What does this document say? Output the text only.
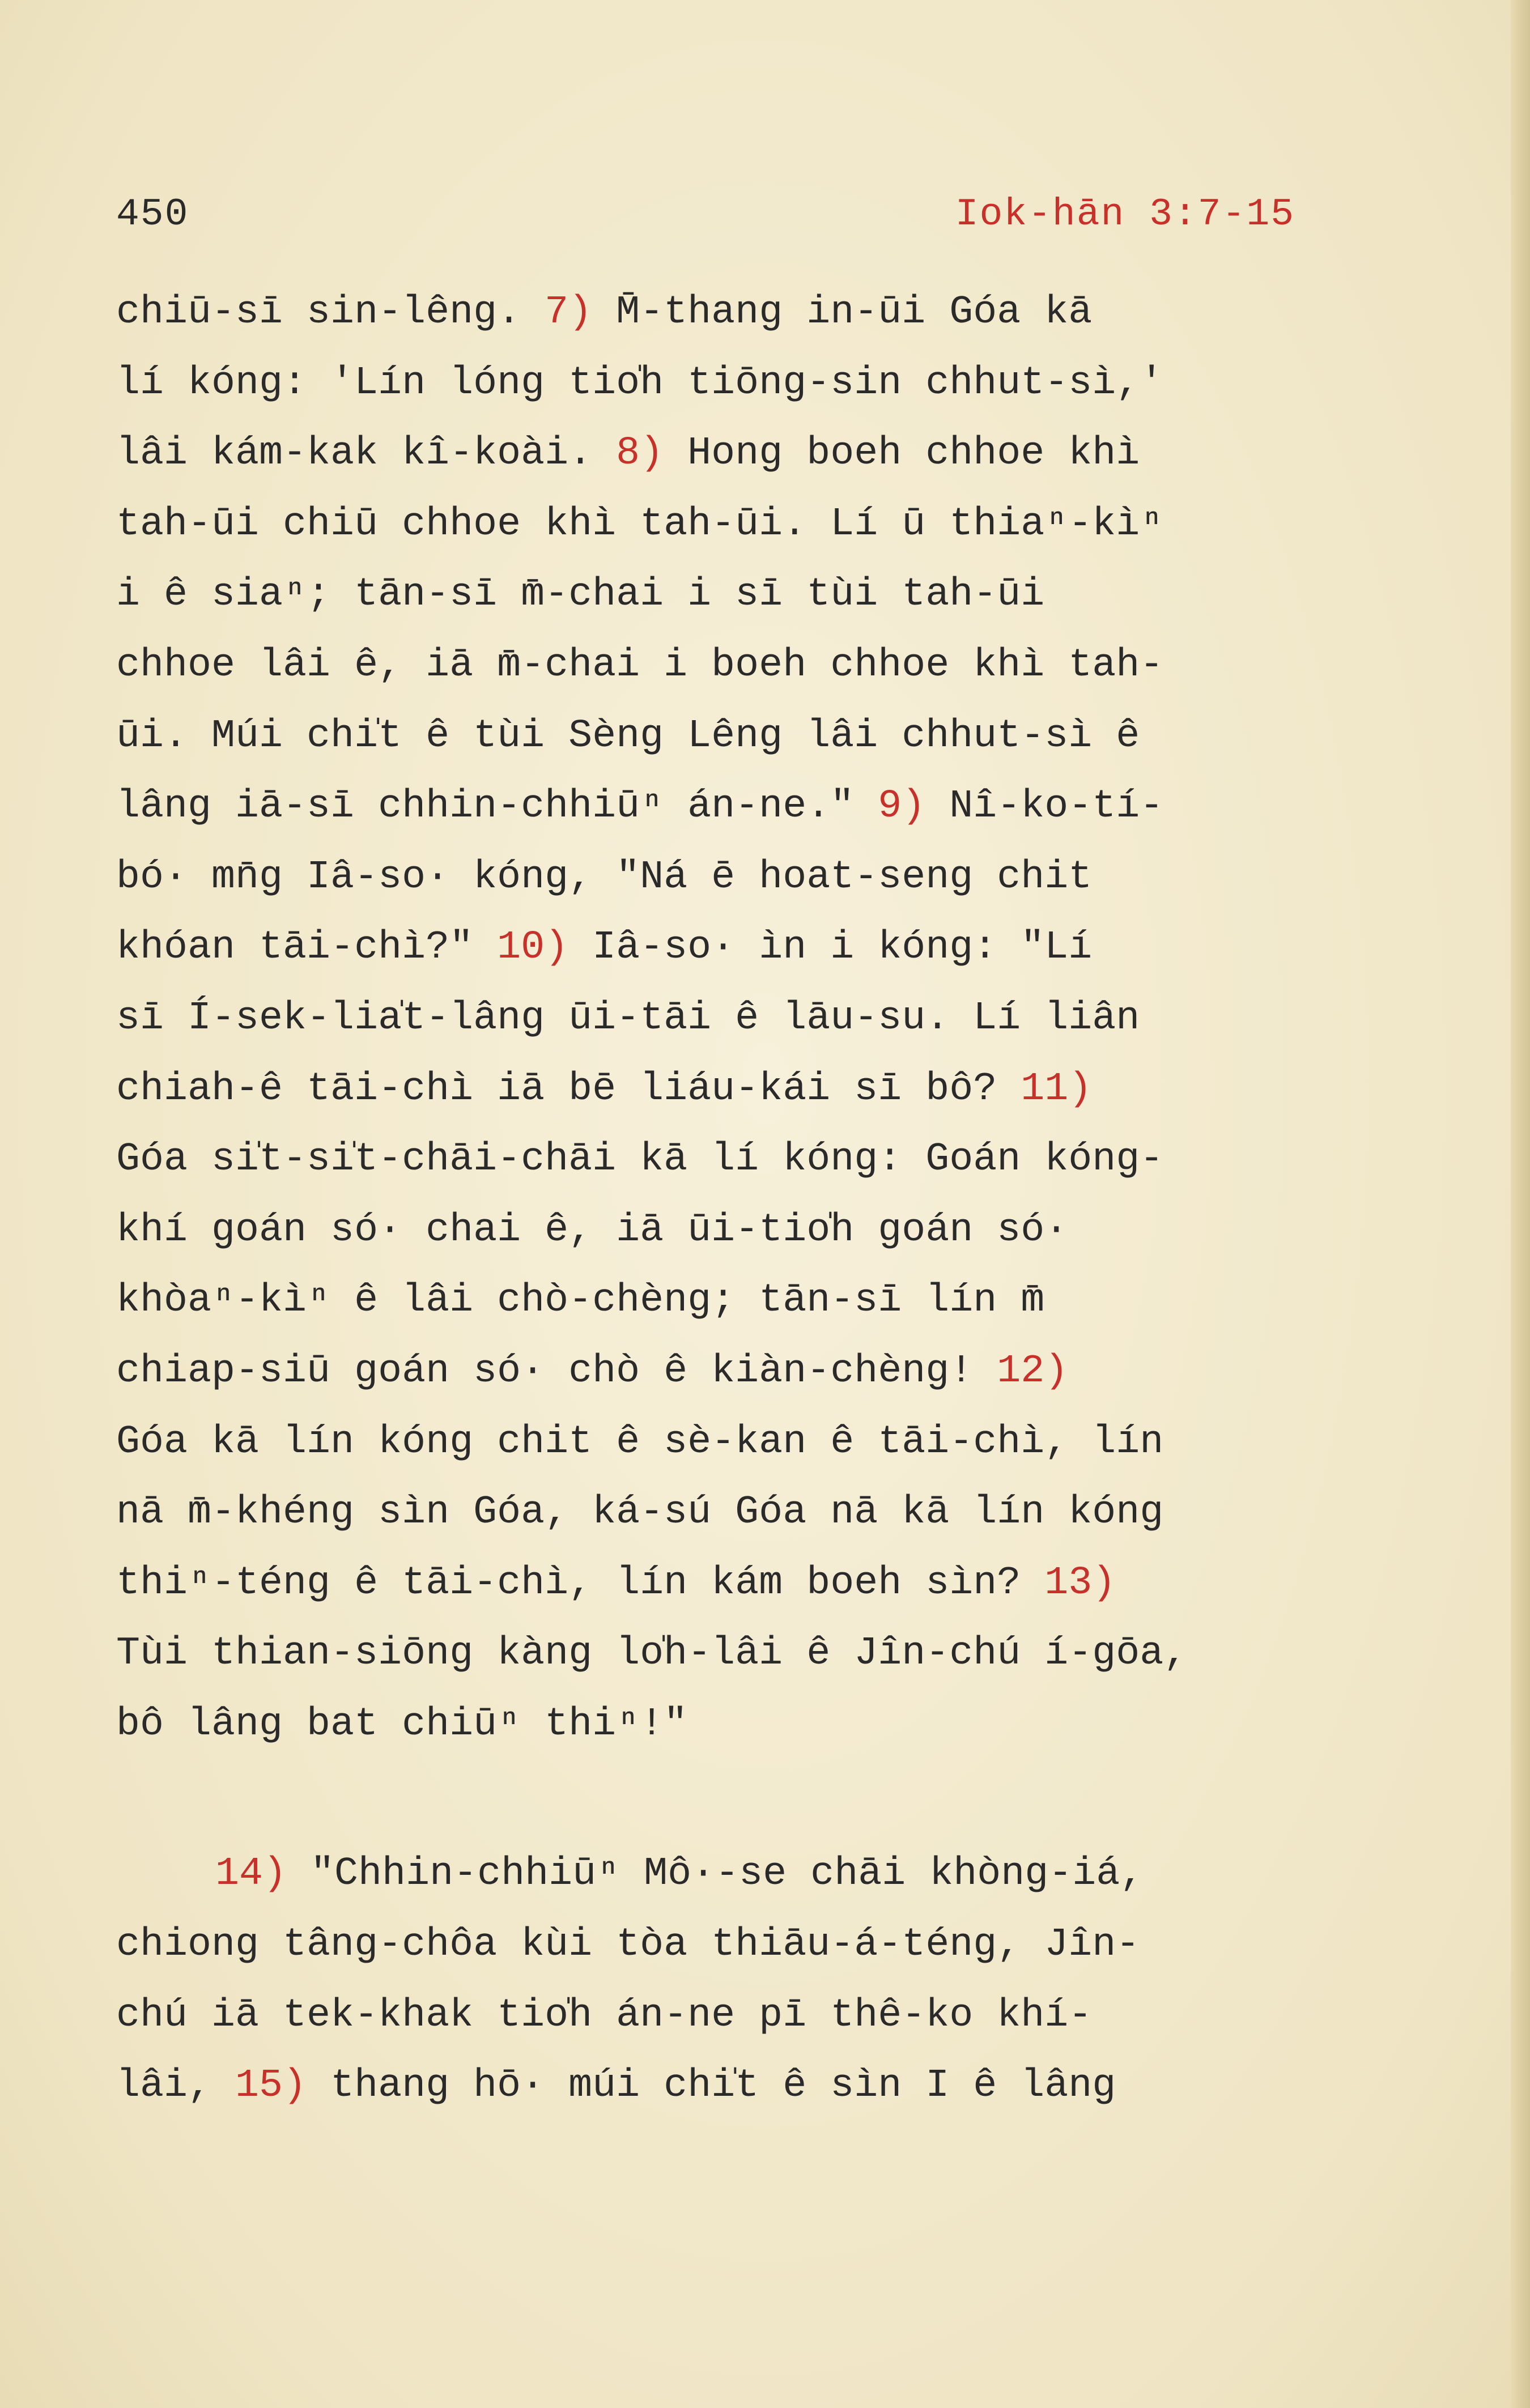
450	Iok-hān 3:7-15
chiū-sī sin-lêng. 7) M̄-thang in-ūi Góa kā
lí kóng: 'Lín lóng tio̍h tiōng-sin chhut-sì,'
lâi kám-kak kî-koài. 8) Hong boeh chhoe khì
tah-ūi chiū chhoe khì tah-ūi. Lí ū thiaⁿ-kìⁿ
i ê siaⁿ; tān-sī m̄-chai i sī tùi tah-ūi
chhoe lâi ê, iā m̄-chai i boeh chhoe khì tah-
ūi. Múi chi̍t ê tùi Sèng Lêng lâi chhut-sì ê
lâng iā-sī chhin-chhiūⁿ án-ne." 9) Nî-ko-tí-
bó· mn̄g Iâ-so· kóng, "Ná ē hoat-seng chit
khóan tāi-chì?" 10) Iâ-so· ìn i kóng: "Lí
sī Í-sek-lia̍t-lâng ūi-tāi ê lāu-su. Lí liân
chiah-ê tāi-chì iā bē liáu-kái sī bô? 11)
Góa si̍t-si̍t-chāi-chāi kā lí kóng: Goán kóng-
khí goán só· chai ê, iā ūi-tio̍h goán só·
khòaⁿ-kìⁿ ê lâi chò-chèng; tān-sī lín m̄
chiap-siū goán só· chò ê kiàn-chèng! 12)
Góa kā lín kóng chit ê sè-kan ê tāi-chì, lín
nā m̄-khéng sìn Góa, ká-sú Góa nā kā lín kóng
thiⁿ-téng ê tāi-chì, lín kám boeh sìn? 13)
Tùi thian-siōng kàng lo̍h-lâi ê Jîn-chú í-gōa,
bô lâng bat chiūⁿ thiⁿ!"
14) "Chhin-chhiūⁿ Mô·-se chāi khòng-iá,
chiong tâng-chôa kùi tòa thiāu-á-téng, Jîn-
chú iā tek-khak tio̍h án-ne pī thê-ko khí-
lâi, 15) thang hō· múi chi̍t ê sìn I ê lâng
